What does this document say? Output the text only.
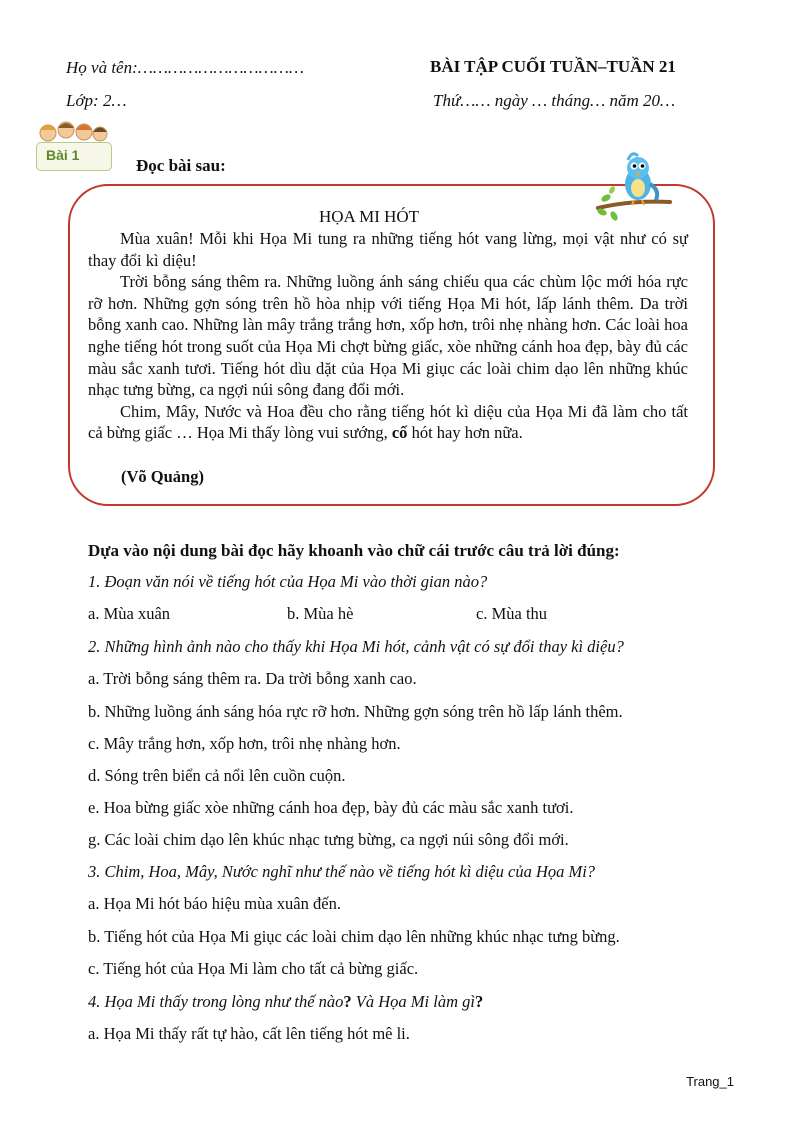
Họ và tên:……………………………	BÀI TẬP CUỐI TUẦN–TUẦN 21
Lớp: 2…	Thứ…… ngày … tháng… năm 20…
Bài 1
Đọc bài sau:
HỌA MI HÓT

Mùa xuân! Mỗi khi Họa Mi tung ra những tiếng hót vang lừng, mọi vật như có sự thay đổi kì diệu!

Trời bỗng sáng thêm ra. Những luồng ánh sáng chiếu qua các chùm lộc mới hóa rực rỡ hơn. Những gợn sóng trên hồ hòa nhịp với tiếng Họa Mi hót, lấp lánh thêm. Da trời bỗng xanh cao. Những làn mây trắng trắng hơn, xốp hơn, trôi nhẹ nhàng hơn. Các loài hoa nghe tiếng hót trong suốt của Họa Mi chợt bừng giấc, xòe những cánh hoa đẹp, bày đủ các màu sắc xanh tươi. Tiếng hót dìu dặt của Họa Mi giục các loài chim dạo lên những khúc nhạc tưng bừng, ca ngợi núi sông đang đổi mới.

Chim, Mây, Nước và Hoa đều cho rằng tiếng hót kì diệu của Họa Mi đã làm cho tất cả bừng giấc … Họa Mi thấy lòng vui sướng, cố hót hay hơn nữa.

(Võ Quảng)
Dựa vào nội dung bài đọc hãy khoanh vào chữ cái trước câu trả lời đúng:
1. Đoạn văn nói về tiếng hót của Họa Mi vào thời gian nào?
a. Mùa xuân	b. Mùa hè	c. Mùa thu
2. Những hình ảnh nào cho thấy khi Họa Mi hót, cảnh vật có sự đổi thay kì diệu?
a. Trời bỗng sáng thêm ra. Da trời bỗng xanh cao.
b. Những luồng ánh sáng hóa rực rỡ hơn. Những gợn sóng trên hồ lấp lánh thêm.
c. Mây trắng hơn, xốp hơn, trôi nhẹ nhàng hơn.
d. Sóng trên biển cả nổi lên cuồn cuộn.
e. Hoa bừng giấc xòe những cánh hoa đẹp, bày đủ các màu sắc xanh tươi.
g. Các loài chim dạo lên khúc nhạc tưng bừng, ca ngợi núi sông đổi mới.
3. Chim, Hoa, Mây, Nước nghĩ như thế nào về tiếng hót kì diệu của Họa Mi?
a. Họa Mi hót báo hiệu mùa xuân đến.
b. Tiếng hót của Họa Mi giục các loài chim dạo lên những khúc nhạc tưng bừng.
c. Tiếng hót của Họa Mi làm cho tất cả bừng giấc.
4. Họa Mi thấy trong lòng như thế nào? Và Họa Mi làm gì?
a. Họa Mi thấy rất tự hào, cất lên tiếng hót mê li.
Trang_1
